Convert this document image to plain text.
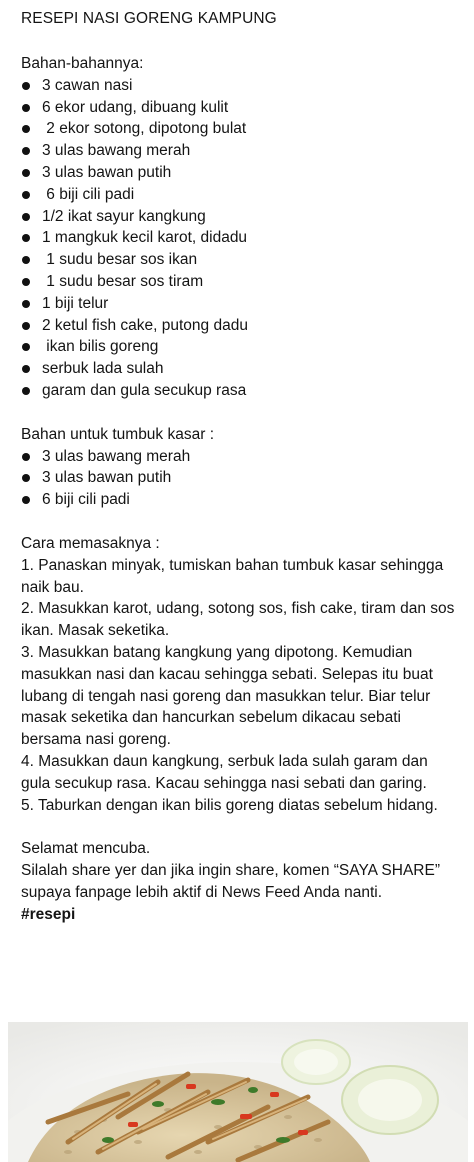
RESEPI NASI GORENG KAMPUNG

Bahan-bahannya:

3 cawan nasi
6 ekor udang, dibuang kulit
2 ekor sotong, dipotong bulat
3 ulas bawang merah
3 ulas bawan putih
6 biji cili padi
1/2 ikat sayur kangkung
1 mangkuk kecil karot, didadu
1 sudu besar sos ikan
1 sudu besar sos tiram
1 biji telur
2 ketul fish cake, putong dadu
ikan bilis goreng
serbuk lada sulah
garam dan gula secukup rasa

Bahan untuk tumbuk kasar :

3 ulas bawang merah
3 ulas bawan putih
6 biji cili padi

Cara memasaknya :

1. Panaskan minyak, tumiskan bahan tumbuk kasar sehingga naik bau.

2. Masukkan karot, udang, sotong sos, fish cake, tiram dan sos ikan. Masak seketika.

3. Masukkan batang kangkung yang dipotong. Kemudian masukkan nasi dan kacau sehingga sebati. Selepas itu buat lubang di tengah nasi goreng dan masukkan telur. Biar telur masak seketika dan hancurkan sebelum dikacau sebati bersama nasi goreng.

4. Masukkan daun kangkung, serbuk lada sulah garam dan gula secukup rasa. Kacau sehingga nasi sebati dan garing.

5. Taburkan dengan ikan bilis goreng diatas sebelum hidang.

Selamat mencuba.

Silalah share yer dan jika ingin share, komen “SAYA SHARE” supaya fanpage lebih aktif di News Feed Anda nanti.

#resepi
